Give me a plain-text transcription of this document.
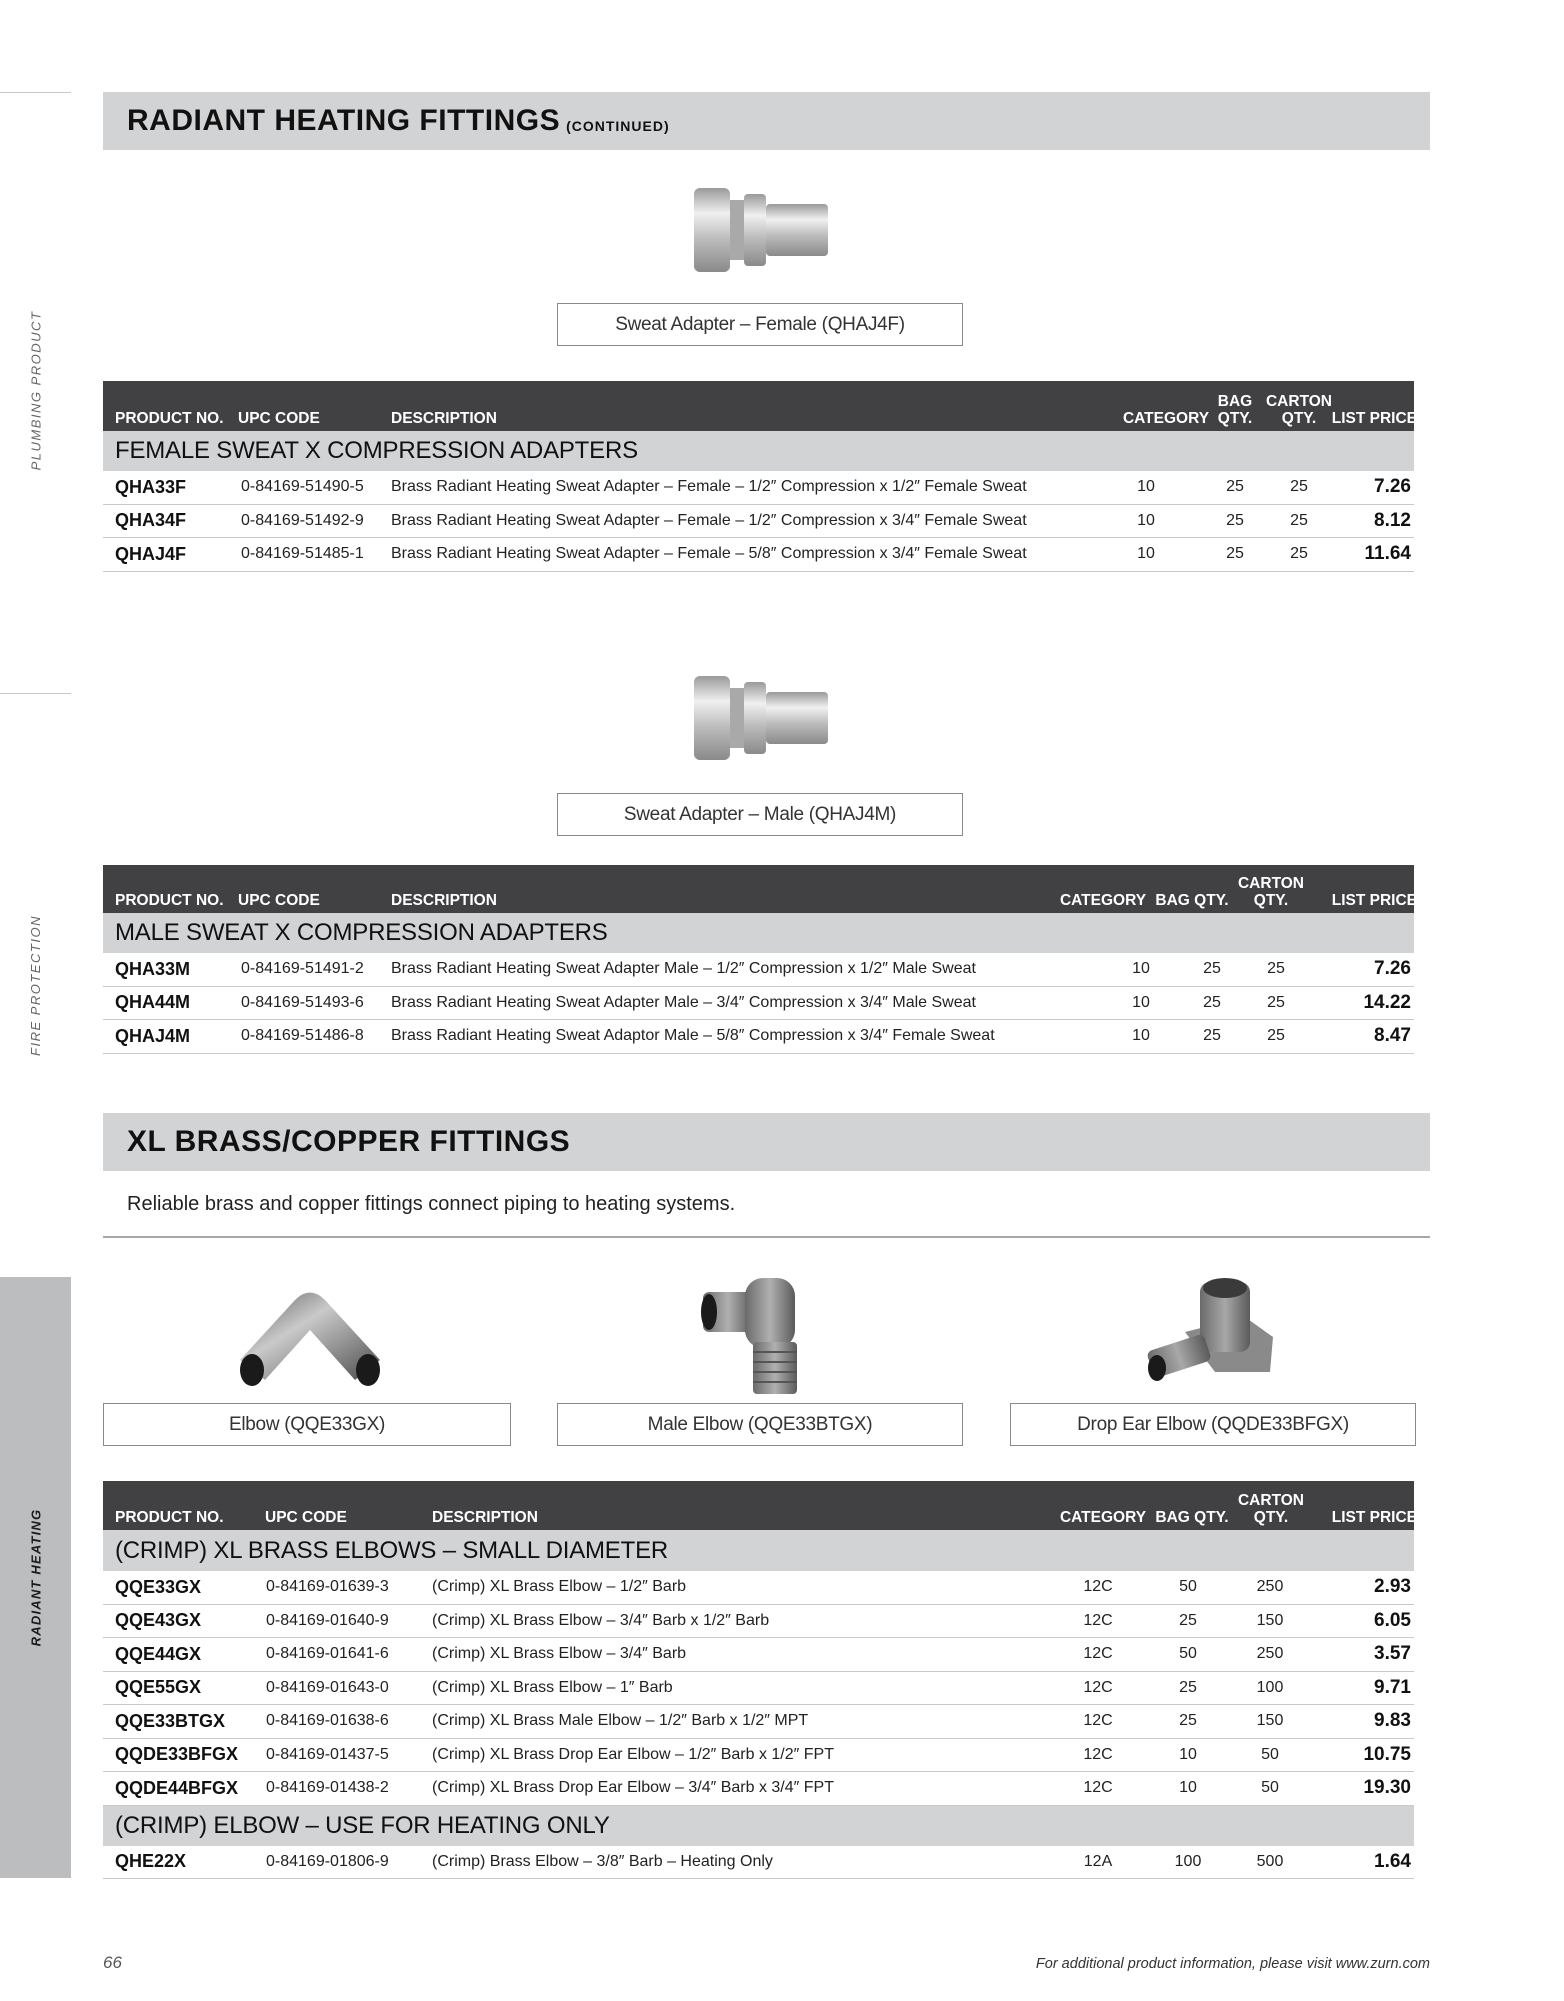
PLUMBING PRODUCT
FIRE PROTECTION
RADIANT HEATING
RADIANT HEATING FITTINGS (CONTINUED)
Sweat Adapter – Female (QHAJ4F)
PRODUCT NO. UPC CODE	DESCRIPTION	CATEGORY
BAG
QTY.
CARTON
QTY.	LIST PRICE
FEMALE SWEAT X COMPRESSION ADAPTERS
QHA33F	0-84169-51490-5 Brass Radiant Heating Sweat Adapter – Female – 1/2″ Compression x 1/2″ Female Sweat	10	25	25	7.26
QHA34F	0-84169-51492-9 Brass Radiant Heating Sweat Adapter – Female – 1/2″ Compression x 3/4″ Female Sweat	10	25	25	8.12
QHAJ4F	0-84169-51485-1 Brass Radiant Heating Sweat Adapter – Female – 5/8″ Compression x 3/4″ Female Sweat	10	25	25	11.64
Sweat Adapter – Male (QHAJ4M)
PRODUCT NO. UPC CODE	DESCRIPTION	CATEGORY BAG QTY.
CARTON
QTY.	LIST PRICE
MALE SWEAT X COMPRESSION ADAPTERS
QHA33M	0-84169-51491-2 Brass Radiant Heating Sweat Adapter Male – 1/2″ Compression x 1/2″ Male Sweat	10	25	25	7.26
QHA44M	0-84169-51493-6 Brass Radiant Heating Sweat Adapter Male – 3/4″ Compression x 3/4″ Male Sweat	10	25	25	14.22
QHAJ4M	0-84169-51486-8 Brass Radiant Heating Sweat Adaptor Male – 5/8″ Compression x 3/4″ Female Sweat	10	25	25	8.47
XL BRASS/COPPER FITTINGS
Reliable brass and copper fittings connect piping to heating systems.
Elbow (QQE33GX)	Male Elbow (QQE33BTGX)	Drop Ear Elbow (QQDE33BFGX)
PRODUCT NO.	UPC CODE	DESCRIPTION	CATEGORY BAG QTY.
CARTON
QTY.	LIST PRICE
(CRIMP) XL BRASS ELBOWS – SMALL DIAMETER
QQE33GX	0-84169-01639-3	(Crimp) XL Brass Elbow – 1/2″ Barb	12C	50	250	2.93
QQE43GX	0-84169-01640-9	(Crimp) XL Brass Elbow – 3/4″ Barb x 1/2″ Barb	12C	25	150	6.05
QQE44GX	0-84169-01641-6	(Crimp) XL Brass Elbow – 3/4″ Barb	12C	50	250	3.57
QQE55GX	0-84169-01643-0	(Crimp) XL Brass Elbow – 1″ Barb	12C	25	100	9.71
QQE33BTGX	0-84169-01638-6	(Crimp) XL Brass Male Elbow – 1/2″ Barb x 1/2″ MPT	12C	25	150	9.83
QQDE33BFGX 0-84169-01437-5	(Crimp) XL Brass Drop Ear Elbow – 1/2″ Barb x 1/2″ FPT	12C	10	50	10.75
QQDE44BFGX 0-84169-01438-2	(Crimp) XL Brass Drop Ear Elbow – 3/4″ Barb x 3/4″ FPT	12C	10	50	19.30
(CRIMP) ELBOW – USE FOR HEATING ONLY
QHE22X	0-84169-01806-9	(Crimp) Brass Elbow – 3/8″ Barb – Heating Only	12A	100	500	1.64
66	For additional product information, please visit www.zurn.com
